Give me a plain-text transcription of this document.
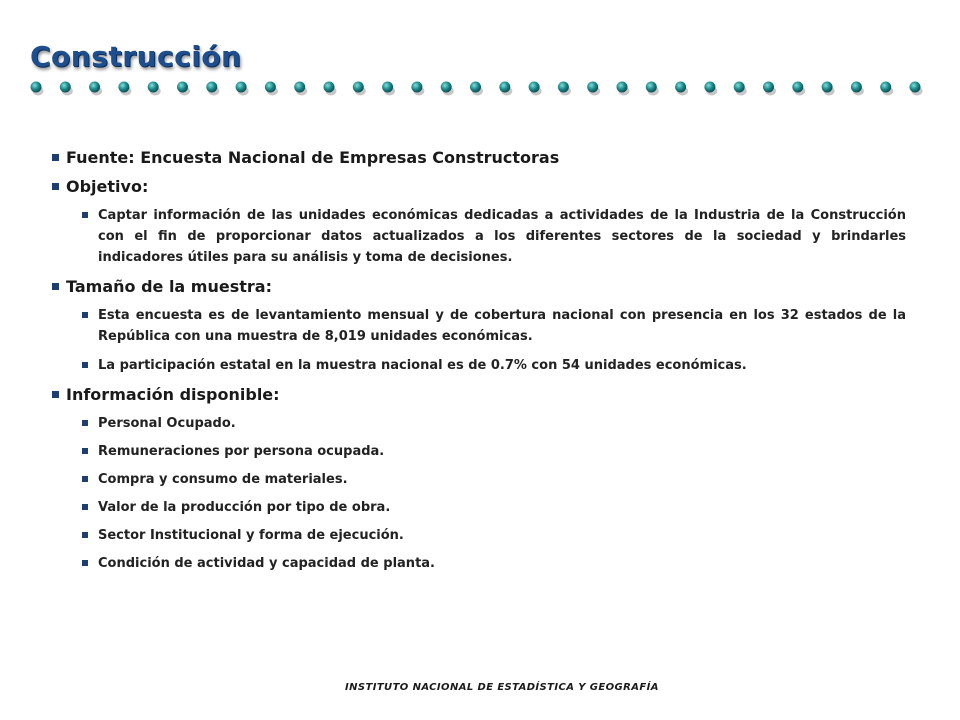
Construcción
Fuente: Encuesta Nacional de Empresas Constructoras
Objetivo:
Captar información de las unidades económicas dedicadas a actividades de la Industria de la Construcción con el fin de proporcionar datos actualizados a los diferentes sectores de la sociedad y brindarles indicadores útiles para su análisis y toma de decisiones.
Tamaño de la muestra:
Esta encuesta es de levantamiento mensual y de cobertura nacional con presencia en los 32 estados de la República con una muestra de 8,019 unidades económicas.
La participación estatal en la muestra nacional es de 0.7% con 54 unidades económicas.
Información disponible:
Personal Ocupado.
Remuneraciones por persona ocupada.
Compra y consumo de materiales.
Valor de la producción por tipo de obra.
Sector Institucional y forma de ejecución.
Condición de actividad y capacidad de planta.
INSTITUTO NACIONAL DE ESTADÍSTICA Y GEOGRAFÍA
